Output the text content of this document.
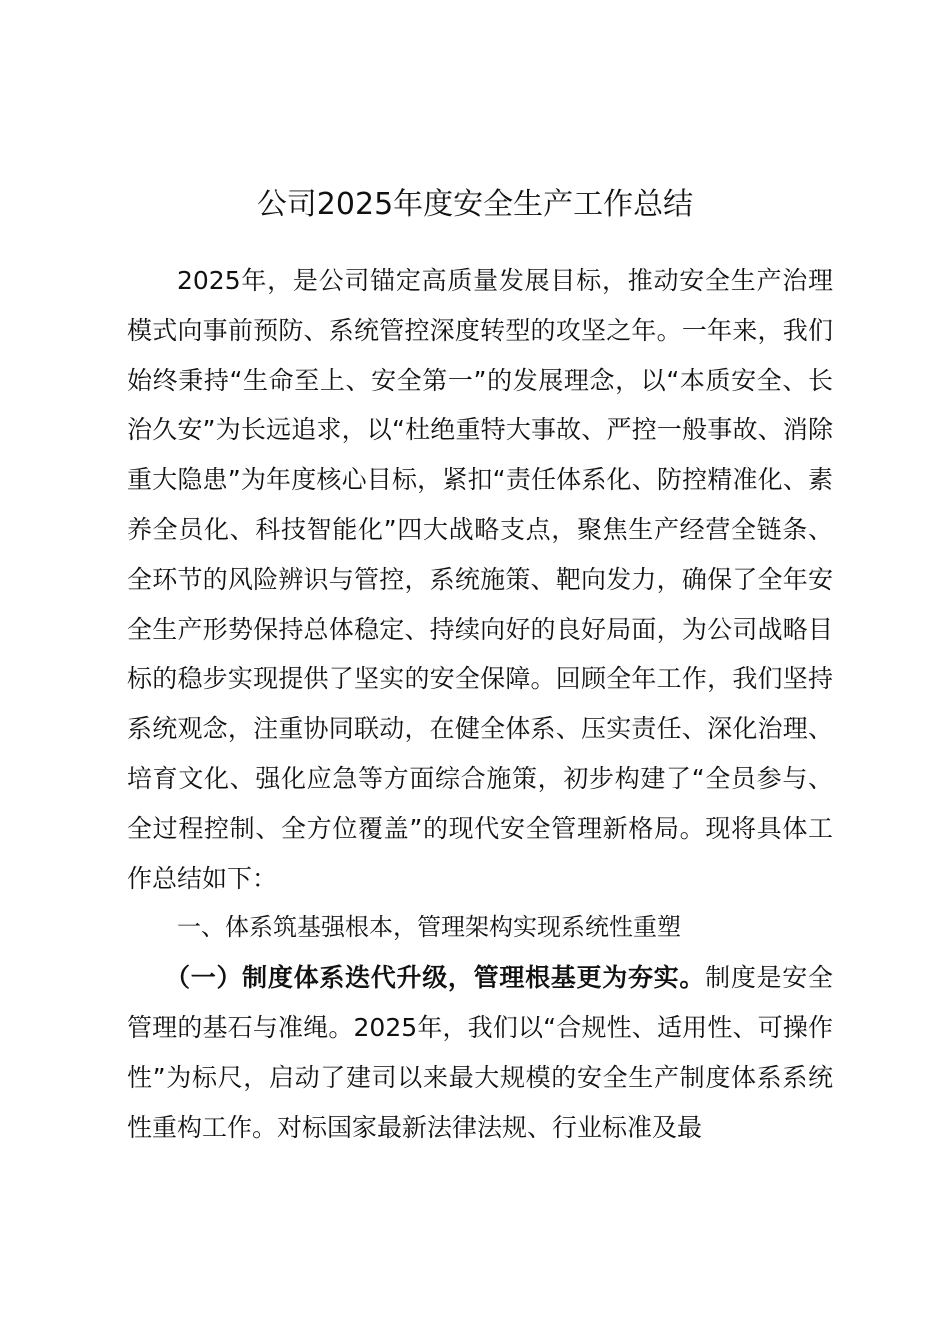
公司2025年度安全生产工作总结

2025年，是公司锚定高质量发展目标，推动安全生产治理模式向事前预防、系统管控深度转型的攻坚之年。一年来，我们始终秉持“生命至上、安全第一”的发展理念，以“本质安全、长治久安”为长远追求，以“杜绝重特大事故、严控一般事故、消除重大隐患”为年度核心目标，紧扣“责任体系化、防控精准化、素养全员化、科技智能化”四大战略支点，聚焦生产经营全链条、全环节的风险辨识与管控，系统施策、靶向发力，确保了全年安全生产形势保持总体稳定、持续向好的良好局面，为公司战略目标的稳步实现提供了坚实的安全保障。回顾全年工作，我们坚持系统观念，注重协同联动，在健全体系、压实责任、深化治理、培育文化、强化应急等方面综合施策，初步构建了“全员参与、全过程控制、全方位覆盖”的现代安全管理新格局。现将具体工作总结如下：

一、体系筑基强根本，管理架构实现系统性重塑

（一）制度体系迭代升级，管理根基更为夯实。制度是安全管理的基石与准绳。2025年，我们以“合规性、适用性、可操作性”为标尺，启动了建司以来最大规模的安全生产制度体系系统性重构工作。对标国家最新法律法规、行业标准及最
